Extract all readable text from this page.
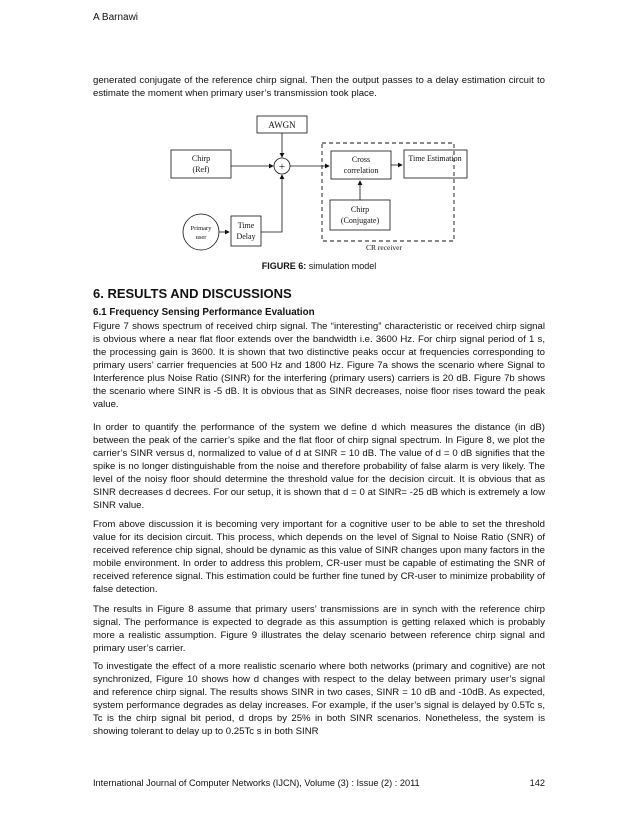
A Barnawi

generated conjugate of the reference chirp signal. Then the output passes to a delay estimation circuit to estimate the moment when primary user’s transmission took place.

AWGN
Chirp
(Ref)	+
CR receiver
Cross
correlation
Time Estimation
Chirp
(Conjugate)
Primary
user
Time
Delay
FIGURE 6: simulation model
6. RESULTS AND DISCUSSIONS
6.1 Frequency Sensing Performance Evaluation

Figure 7 shows spectrum of received chirp signal. The “interesting” characteristic or received chirp signal is obvious where a near flat floor extends over the bandwidth i.e. 3600 Hz. For chirp signal period of 1 s, the processing gain is 3600. It is shown that two distinctive peaks occur at frequencies corresponding to primary users’ carrier frequencies at 500 Hz and 1800 Hz. Figure 7a shows the scenario where Signal to Interference plus Noise Ratio (SINR) for the interfering (primary users) carriers is 20 dB. Figure 7b shows the scenario where SINR is -5 dB. It is obvious that as SINR decreases, noise floor rises toward the peak value.

In order to quantify the performance of the system we define d which measures the distance (in dB) between the peak of the carrier’s spike and the flat floor of chirp signal spectrum. In Figure 8, we plot the carrier’s SINR versus d, normalized to value of d at SINR = 10 dB. The value of d = 0 dB signifies that the spike is no longer distinguishable from the noise and therefore probability of false alarm is very likely. The level of the noisy floor should determine the threshold value for the decision circuit. It is obvious that as SINR decreases d decrees. For our setup, it is shown that d = 0 at SINR= -25 dB which is extremely a low SINR value.

From above discussion it is becoming very important for a cognitive user to be able to set the threshold value for its decision circuit. This process, which depends on the level of Signal to Noise Ratio (SNR) of received reference chip signal, should be dynamic as this value of SINR changes upon many factors in the mobile environment. In order to address this problem, CR-user must be capable of estimating the SNR of received reference signal. This estimation could be further fine tuned by CR-user to minimize probability of false detection.

The results in Figure 8 assume that primary users’ transmissions are in synch with the reference chirp signal. The performance is expected to degrade as this assumption is getting relaxed which is probably more a realistic assumption. Figure 9 illustrates the delay scenario between reference chirp signal and primary user’s carrier.

To investigate the effect of a more realistic scenario where both networks (primary and cognitive) are not synchronized, Figure 10 shows how d changes with respect to the delay between primary user’s signal and reference chirp signal. The results shows SINR in two cases, SINR = 10 dB and -10dB. As expected, system performance degrades as delay increases. For example, if the user’s signal is delayed by 0.5Tc s, Tc is the chirp signal bit period, d drops by 25% in both SINR scenarios. Nonetheless, the system is showing tolerant to delay up to 0.25Tc s in both SINR

International Journal of Computer Networks (IJCN), Volume (3) : Issue (2) : 2011	142
